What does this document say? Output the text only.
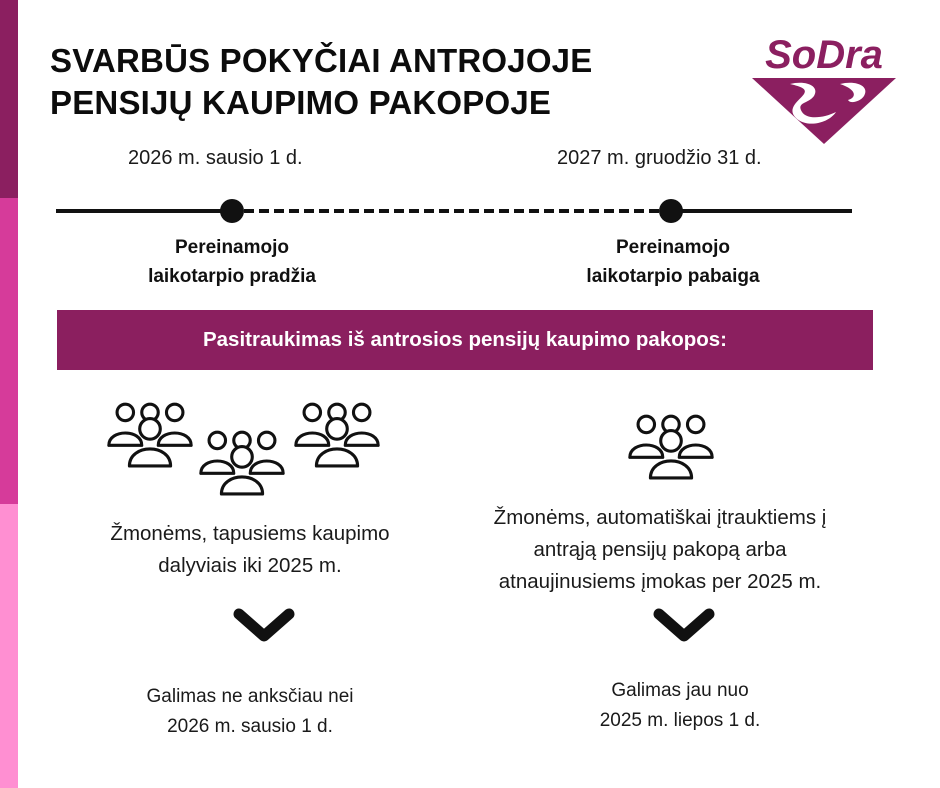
SVARBŪS POKYČIAI ANTROJOJE
PENSIJŲ KAUPIMO PAKOPOJE
SoDra
2026 m. sausio 1 d.	2027 m. gruodžio 31 d.
Pereinamojo
laikotarpio pradžia
Pereinamojo
laikotarpio pabaiga
Pasitraukimas iš antrosios pensijų kaupimo pakopos:
Žmonėms, tapusiems kaupimo
dalyviais iki 2025 m.
Žmonėms, automatiškai įtrauktiems į
antrąją pensijų pakopą arba
atnaujinusiems įmokas per 2025 m.
Galimas ne anksčiau nei
2026 m. sausio 1 d.
Galimas jau nuo
2025 m. liepos 1 d.
